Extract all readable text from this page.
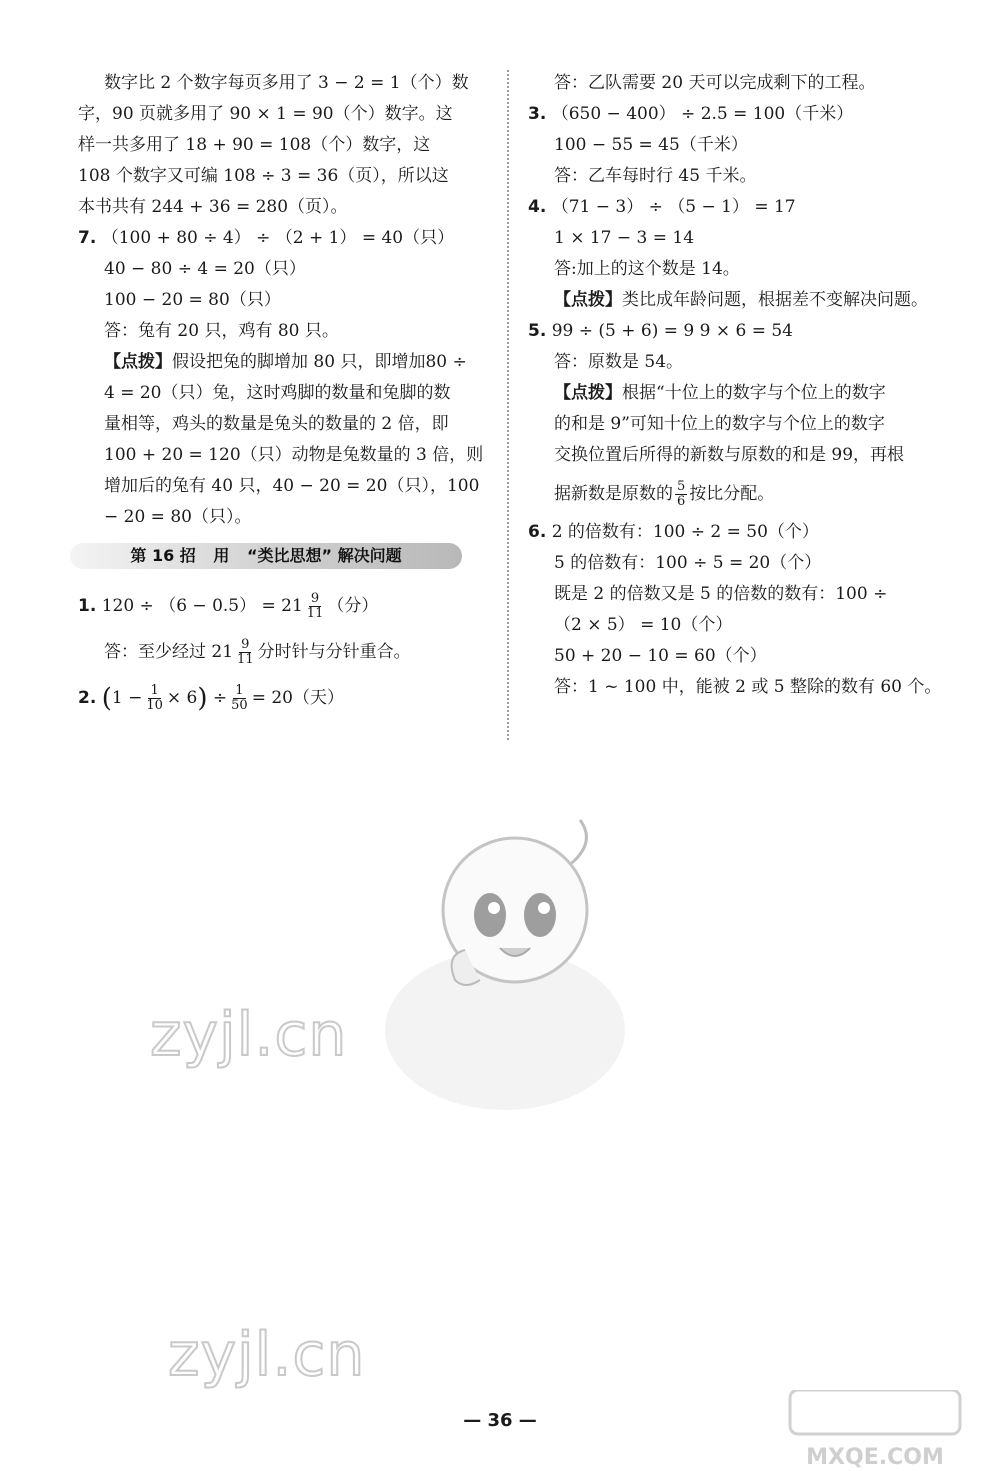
数字比 2 个数字每页多用了 3 − 2 = 1（个）数
字，90 页就多用了 90 × 1 = 90（个）数字。这
样一共多用了 18 + 90 = 108（个）数字，这
108 个数字又可编 108 ÷ 3 = 36（页），所以这
本书共有 244 + 36 = 280（页）。
7. （100 + 80 ÷ 4） ÷ （2 + 1） = 40（只）
40 − 80 ÷ 4 = 20（只）
100 − 20 = 80（只）
答：兔有 20 只，鸡有 80 只。
【点拨】假设把兔的脚增加 80 只，即增加80 ÷
4 = 20（只）兔，这时鸡脚的数量和兔脚的数
量相等，鸡头的数量是兔头的数量的 2 倍，即
100 + 20 = 120（只）动物是兔数量的 3 倍，则
增加后的兔有 40 只，40 − 20 = 20（只），100
− 20 = 80（只）。
第 16 招 用 “类比思想” 解决问题
1. $120 \div (6 - 0.5) = 21 \frac{9}{11}$ （分）
答：至少经过 $21 \frac{9}{11}$ 分时针与分针重合。
2. $(1 - \frac{1}{10} \times 6) \div \frac{1}{50} = 20$（天）
答：乙队需要 20 天可以完成剩下的工程。
3. （650 − 400） ÷ 2.5 = 100（千米）
100 − 55 = 45（千米）
答：乙车每时行 45 千米。
4. （71 − 3） ÷ （5 − 1） = 17
1 × 17 − 3 = 14
答:加上的这个数是 14。
【点拨】类比成年龄问题，根据差不变解决问题。
5. 99 ÷ (5 + 6) = 9 9 × 6 = 54
答：原数是 54。
【点拨】根据“十位上的数字与个位上的数字
的和是 9”可知十位上的数字与个位上的数字
交换位置后所得的新数与原数的和是 99，再根
据新数是原数的 $\frac{5}{6}$ 按比分配。
6. 2 的倍数有：100 ÷ 2 = 50（个）
5 的倍数有：100 ÷ 5 = 20（个）
既是 2 的倍数又是 5 的倍数的数有：100 ÷
（2 × 5） = 10（个）
50 + 20 − 10 = 60（个）
答：1 ~ 100 中，能被 2 或 5 整除的数有 60 个。
zyjl.cn
zyjl.cn
— 36 —
MXQE.COM
